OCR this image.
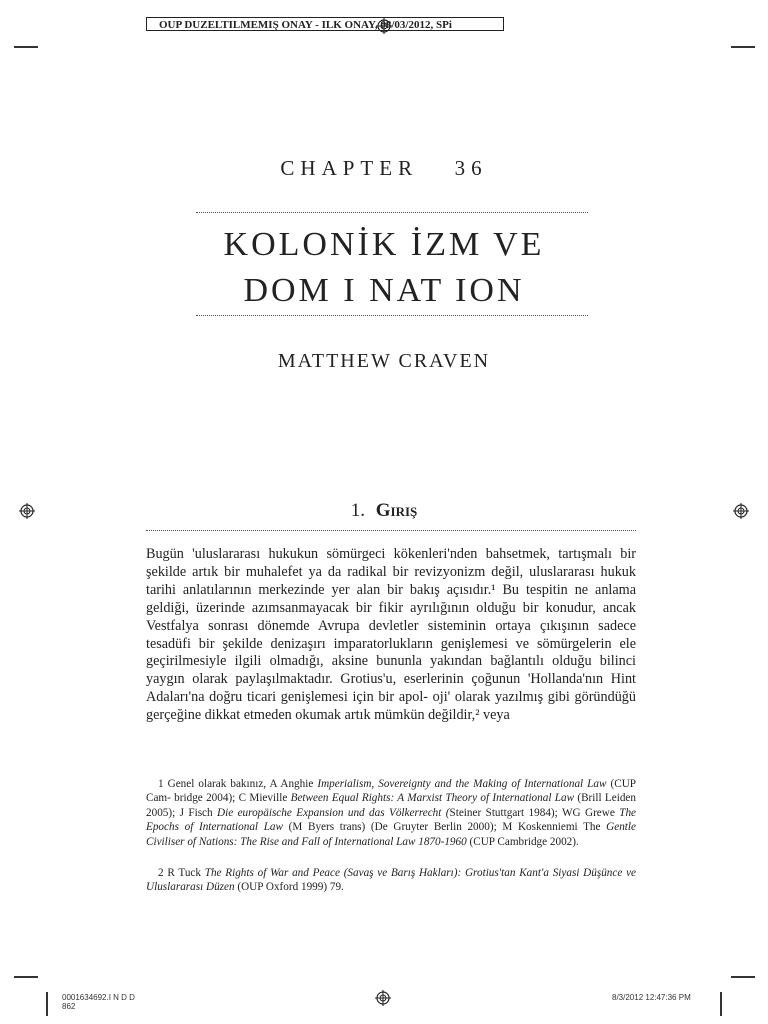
OUP DUZELTILMEMIŞ ONAY - ILK ONAY, 08/03/2012, SPi
CHAPTER 36
KOLONİK İZM VE
DOM I NAT ION
MATTHEW CRAVEN
1. Giriş
Bugün 'uluslararası hukukun sömürgeci kökenleri'nden bahsetmek, tartışmalı bir şekilde artık bir muhalefet ya da radikal bir revizyonizm değil, uluslararası hukuk tarihi anlatılarının merkezinde yer alan bir bakış açısıdır.¹ Bu tespitin ne anlama geldiği, üzerinde azımsanmayacak bir fikir ayrılığının olduğu bir konudur, ancak Vestfalya sonrası dönemde Avrupa devletler sisteminin ortaya çıkışının sadece tesadüfi bir şekilde denizaşırı imparatorlukların genişlemesi ve sömürgelerin ele geçirilmesiyle ilgili olmadığı, aksine bununla yakından bağlantılı olduğu bilinci yaygın olarak paylaşılmaktadır. Grotius'u, eserlerinin çoğunun 'Hollanda'nın Hint Adaları'na doğru ticari genişlemesi için bir apol- oji' olarak yazılmış gibi göründüğü gerçeğine dikkat etmeden okumak artık mümkün değildir,² veya
1 Genel olarak bakınız, A Anghie Imperialism, Sovereignty and the Making of International Law (CUP Cam- bridge 2004); C Mieville Between Equal Rights: A Marxist Theory of International Law (Brill Leiden 2005); J Fisch Die europäische Expansion und das Völkerrecht (Steiner Stuttgart 1984); WG Grewe The Epochs of International Law (M Byers trans) (De Gruyter Berlin 2000); M Koskenniemi The Gentle Civiliser of Nations: The Rise and Fall of International Law 1870-1960 (CUP Cambridge 2002).
2 R Tuck The Rights of War and Peace (Savaş ve Barış Hakları): Grotius'tan Kant'a Siyasi Düşünce ve Uluslararası Düzen (OUP Oxford 1999) 79.
0001634692.I N D D
862
8/3/2012 12:47:36 PM
